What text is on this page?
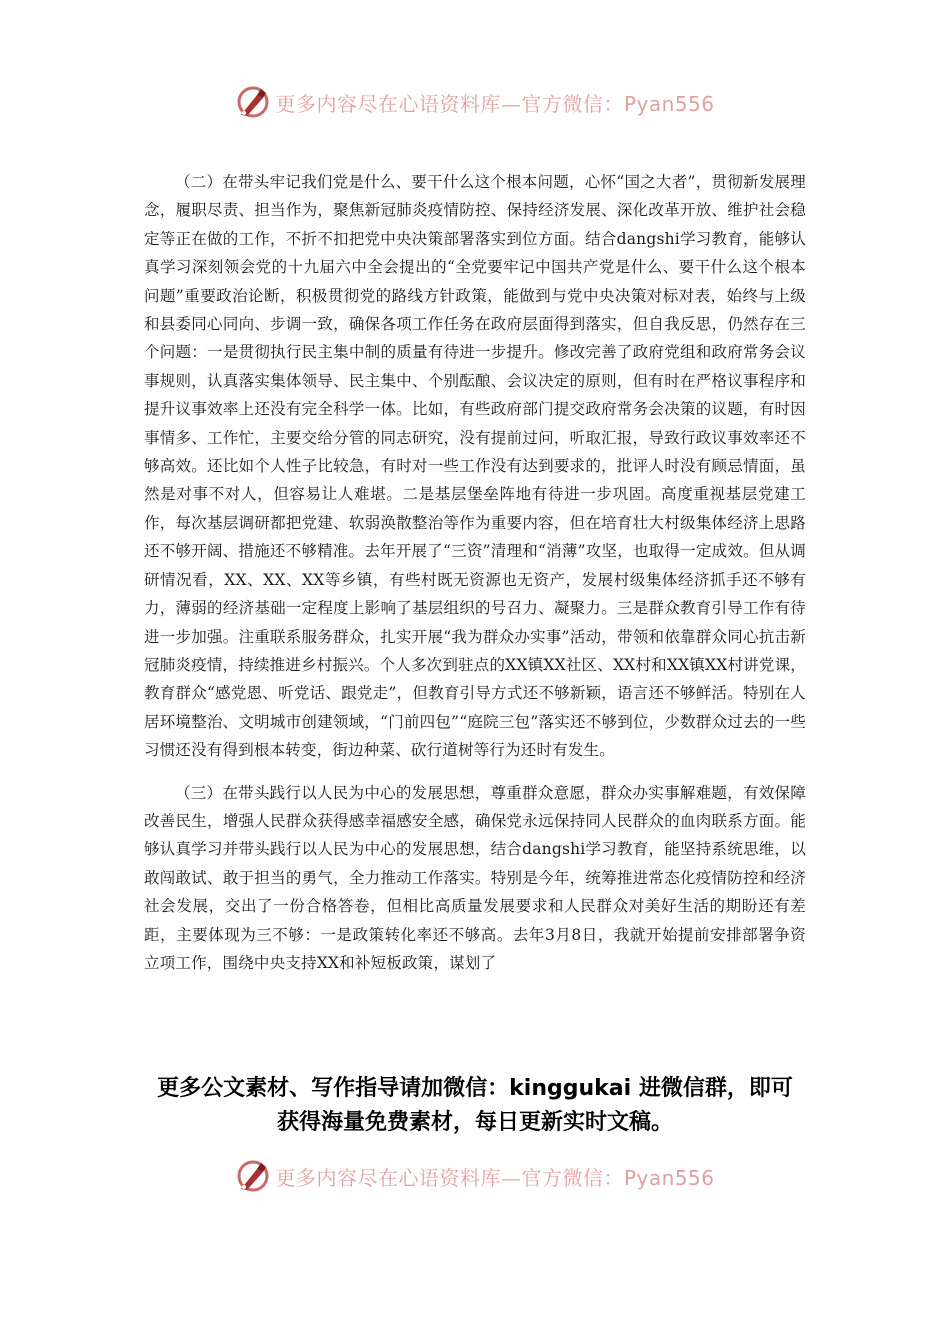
更多内容尽在心语资料库—官方微信：Pyan556

（二）在带头牢记我们党是什么、要干什么这个根本问题，心怀“国之大者”，贯彻新发展理念，履职尽责、担当作为，聚焦新冠肺炎疫情防控、保持经济发展、深化改革开放、维护社会稳定等正在做的工作，不折不扣把党中央决策部署落实到位方面。结合dangshi学习教育，能够认真学习深刻领会党的十九届六中全会提出的“全党要牢记中国共产党是什么、要干什么这个根本问题”重要政治论断，积极贯彻党的路线方针政策，能做到与党中央决策对标对表，始终与上级和县委同心同向、步调一致，确保各项工作任务在政府层面得到落实，但自我反思，仍然存在三个问题：一是贯彻执行民主集中制的质量有待进一步提升。修改完善了政府党组和政府常务会议事规则，认真落实集体领导、民主集中、个别酝酿、会议决定的原则，但有时在严格议事程序和提升议事效率上还没有完全科学一体。比如，有些政府部门提交政府常务会决策的议题，有时因事情多、工作忙，主要交给分管的同志研究，没有提前过问，听取汇报，导致行政议事效率还不够高效。还比如个人性子比较急，有时对一些工作没有达到要求的，批评人时没有顾忌情面，虽然是对事不对人，但容易让人难堪。二是基层堡垒阵地有待进一步巩固。高度重视基层党建工作，每次基层调研都把党建、软弱涣散整治等作为重要内容，但在培育壮大村级集体经济上思路还不够开阔、措施还不够精准。去年开展了“三资”清理和“消薄”攻坚，也取得一定成效。但从调研情况看，XX、XX、XX等乡镇，有些村既无资源也无资产，发展村级集体经济抓手还不够有力，薄弱的经济基础一定程度上影响了基层组织的号召力、凝聚力。三是群众教育引导工作有待进一步加强。注重联系服务群众，扎实开展“我为群众办实事”活动，带领和依靠群众同心抗击新冠肺炎疫情，持续推进乡村振兴。个人多次到驻点的XX镇XX社区、XX村和XX镇XX村讲党课，教育群众“感党恩、听党话、跟党走”，但教育引导方式还不够新颖，语言还不够鲜活。特别在人居环境整治、文明城市创建领域，“门前四包”“庭院三包”落实还不够到位，少数群众过去的一些习惯还没有得到根本转变，街边种菜、砍行道树等行为还时有发生。

（三）在带头践行以人民为中心的发展思想，尊重群众意愿，群众办实事解难题，有效保障改善民生，增强人民群众获得感幸福感安全感，确保党永远保持同人民群众的血肉联系方面。能够认真学习并带头践行以人民为中心的发展思想，结合dangshi学习教育，能坚持系统思维，以敢闯敢试、敢于担当的勇气，全力推动工作落实。特别是今年，统筹推进常态化疫情防控和经济社会发展，交出了一份合格答卷，但相比高质量发展要求和人民群众对美好生活的期盼还有差距，主要体现为三不够：一是政策转化率还不够高。去年3月8日，我就开始提前安排部署争资立项工作，围绕中央支持XX和补短板政策，谋划了

更多公文素材、写作指导请加微信：kinggukai 进微信群，即可
获得海量免费素材，每日更新实时文稿。
更多内容尽在心语资料库—官方微信：Pyan556
